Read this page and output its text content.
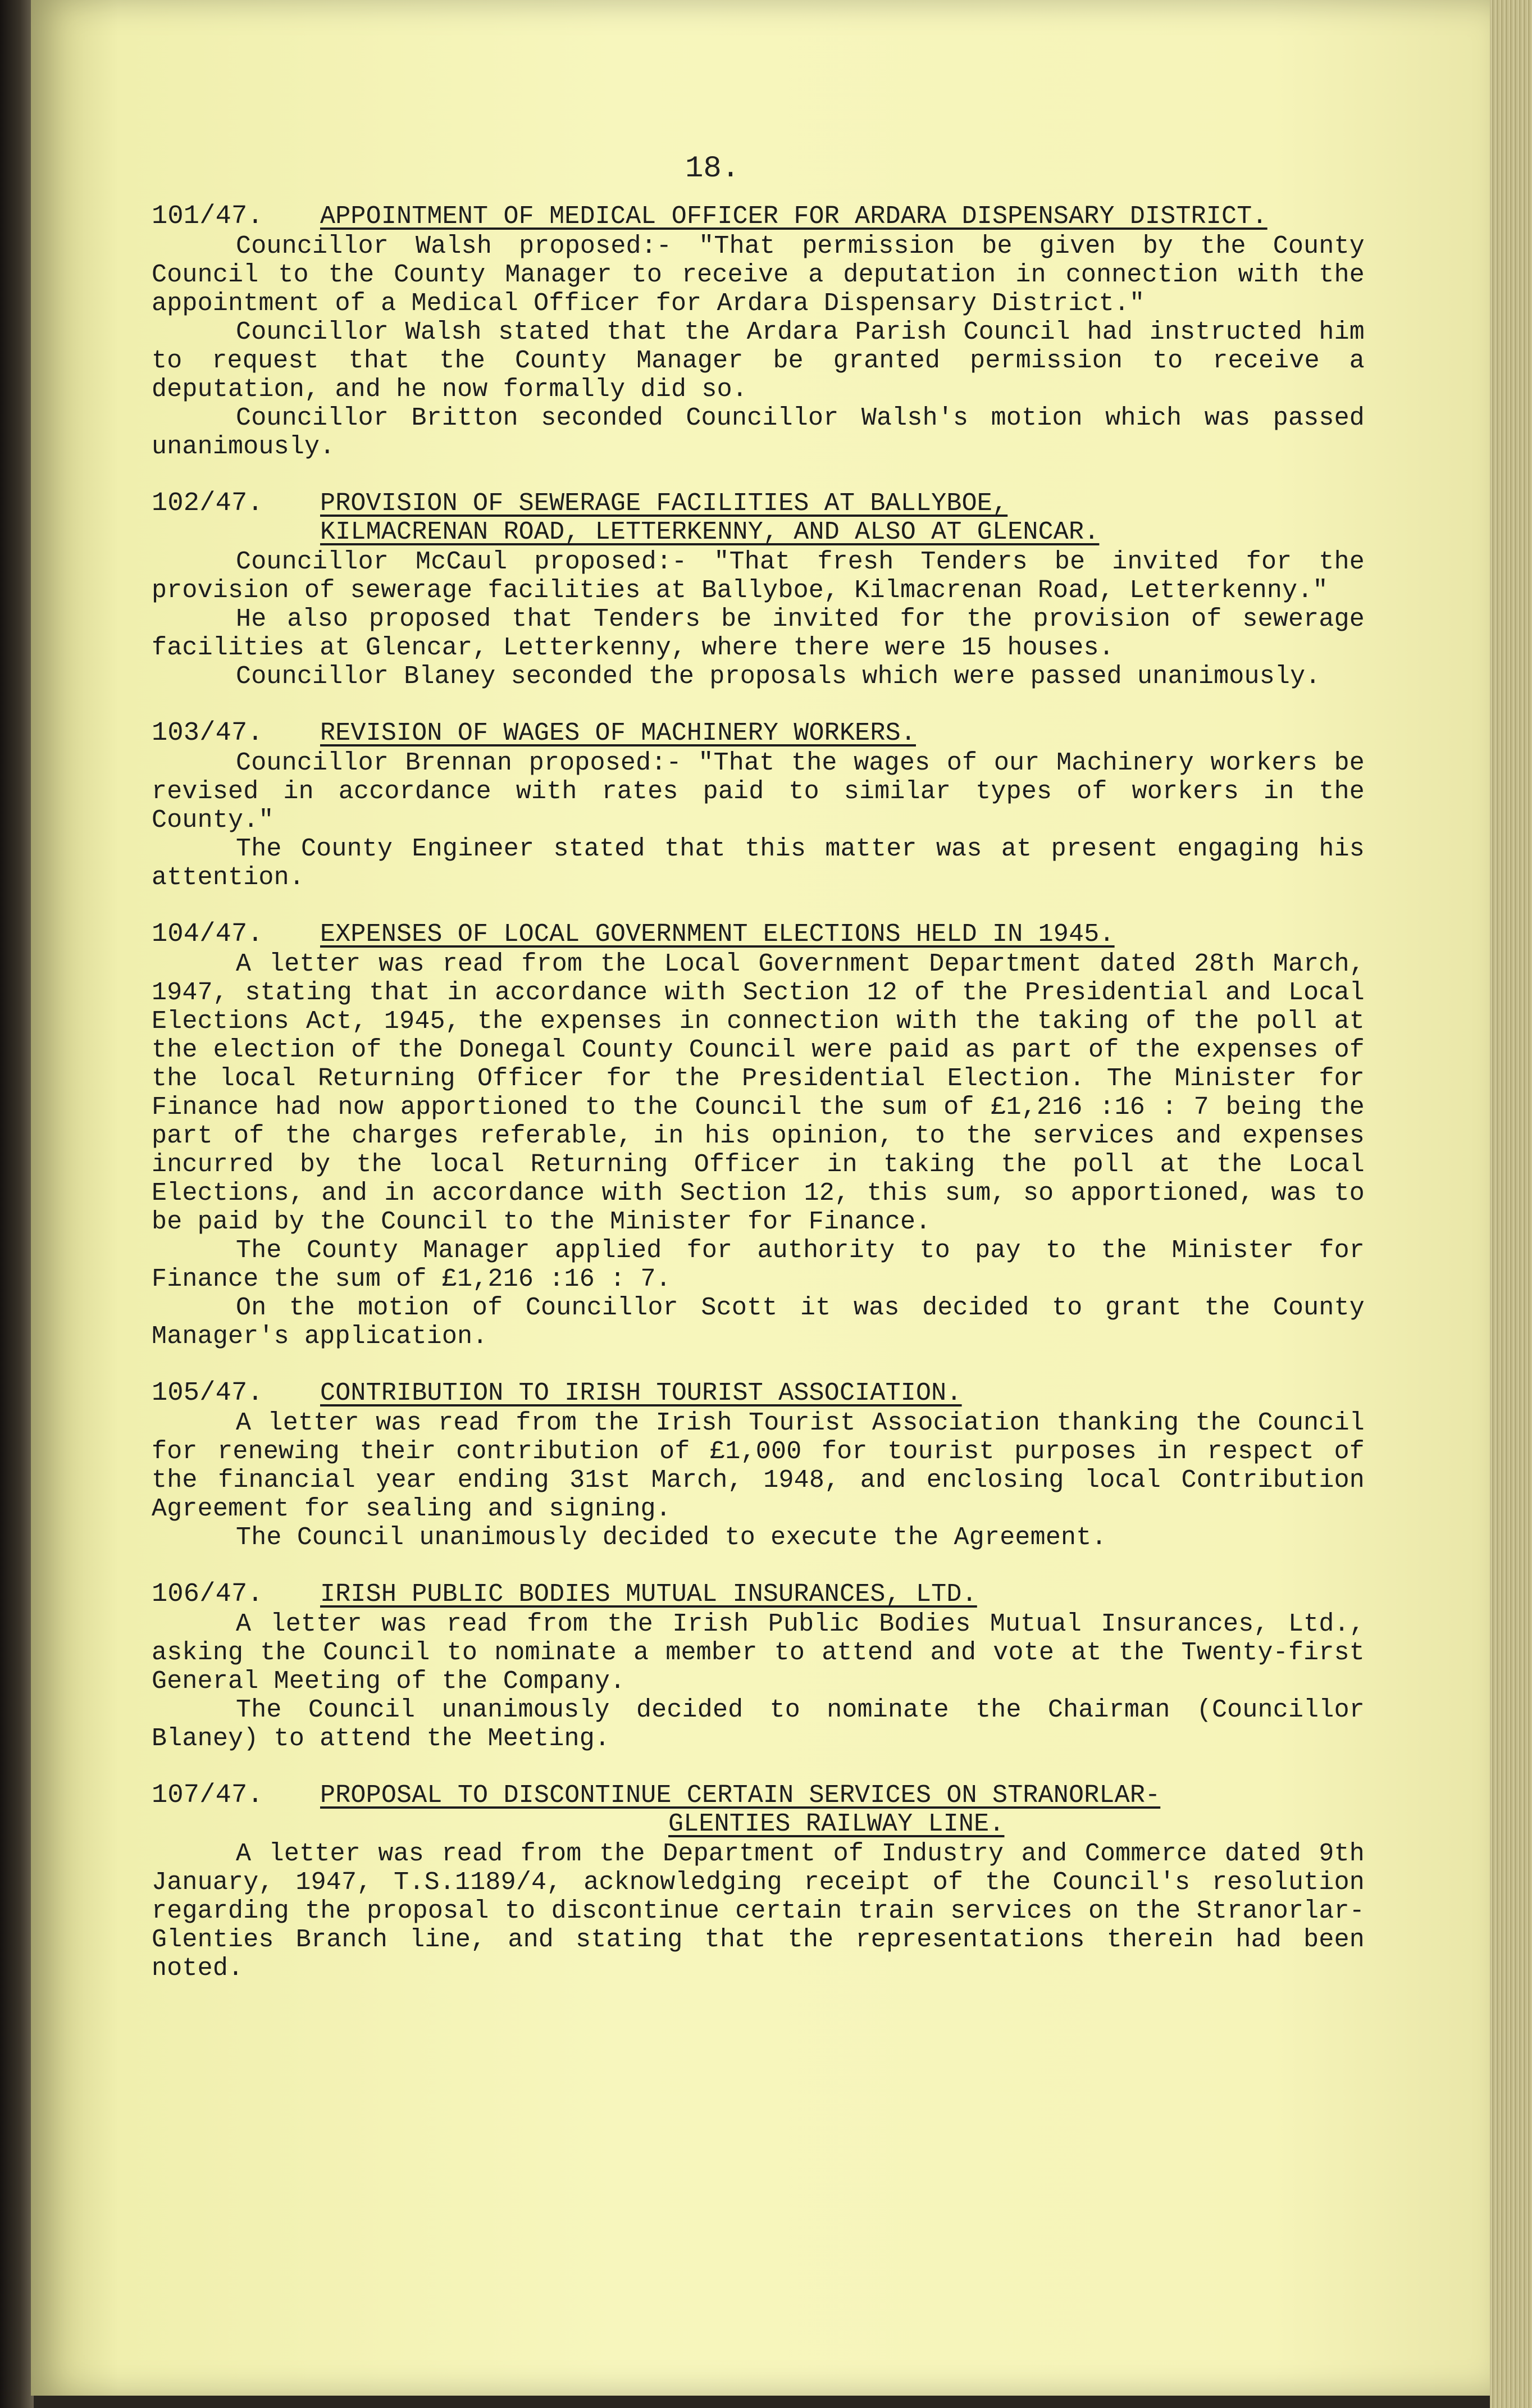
18.
101/47.	APPOINTMENT OF MEDICAL OFFICER FOR ARDARA DISPENSARY DISTRICT.

Councillor Walsh proposed:- "That permission be given by the County Council to the County Manager to receive a deputation in connection with the appointment of a Medical Officer for Ardara Dispensary District."

Councillor Walsh stated that the Ardara Parish Council had instructed him to request that the County Manager be granted permission to receive a deputation, and he now formally did so.

Councillor Britton seconded Councillor Walsh's motion which was passed unanimously.

102/47.	PROVISION OF SEWERAGE FACILITIES AT BALLYBOE,
KILMACRENAN ROAD, LETTERKENNY, AND ALSO AT GLENCAR.

Councillor McCaul proposed:- "That fresh Tenders be invited for the provision of sewerage facilities at Ballyboe, Kilmacrenan Road, Letterkenny."

He also proposed that Tenders be invited for the provision of sewerage facilities at Glencar, Letterkenny, where there were 15 houses.

Councillor Blaney seconded the proposals which were passed unanimously.

103/47.	REVISION OF WAGES OF MACHINERY WORKERS.

Councillor Brennan proposed:- "That the wages of our Machinery workers be revised in accordance with rates paid to similar types of workers in the County."

The County Engineer stated that this matter was at present engaging his attention.

104/47.	EXPENSES OF LOCAL GOVERNMENT ELECTIONS HELD IN 1945.

A letter was read from the Local Government Department dated 28th March, 1947, stating that in accordance with Section 12 of the Presidential and Local Elections Act, 1945, the expenses in connection with the taking of the poll at the election of the Donegal County Council were paid as part of the expenses of the local Returning Officer for the Presidential Election. The Minister for Finance had now apportioned to the Council the sum of £1,216 :16 : 7 being the part of the charges referable, in his opinion, to the services and expenses incurred by the local Returning Officer in taking the poll at the Local Elections, and in accordance with Section 12, this sum, so apportioned, was to be paid by the Council to the Minister for Finance.

The County Manager applied for authority to pay to the Minister for Finance the sum of £1,216 :16 : 7.

On the motion of Councillor Scott it was decided to grant the County Manager's application.

105/47.	CONTRIBUTION TO IRISH TOURIST ASSOCIATION.

A letter was read from the Irish Tourist Association thanking the Council for renewing their contribution of £1,000 for tourist purposes in respect of the financial year ending 31st March, 1948, and enclosing local Contribution Agreement for sealing and signing.

The Council unanimously decided to execute the Agreement.

106/47.	IRISH PUBLIC BODIES MUTUAL INSURANCES, LTD.

A letter was read from the Irish Public Bodies Mutual Insurances, Ltd., asking the Council to nominate a member to attend and vote at the Twenty-first General Meeting of the Company.

The Council unanimously decided to nominate the Chairman (Councillor Blaney) to attend the Meeting.

107/47.	PROPOSAL TO DISCONTINUE CERTAIN SERVICES ON STRANORLAR-
GLENTIES RAILWAY LINE.

A letter was read from the Department of Industry and Commerce dated 9th January, 1947, T.S.1189/4, acknowledging receipt of the Council's resolution regarding the proposal to discontinue certain train services on the Stranorlar-Glenties Branch line, and stating that the representations therein had been noted.
